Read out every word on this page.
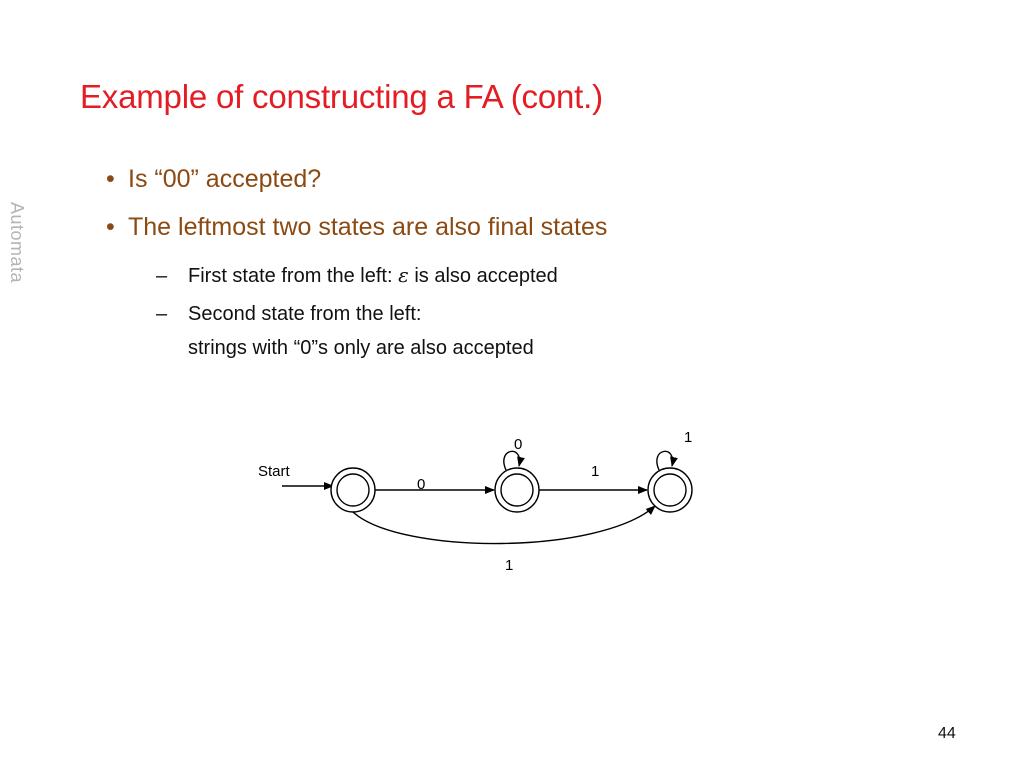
Automata
Example of constructing a FA (cont.)
• Is “00” accepted?
• The leftmost two states are also final states
– First state from the left: ε is also accepted
– Second state from the left:
strings with “0”s only are also accepted
Start
0
0
1
1
1
44
